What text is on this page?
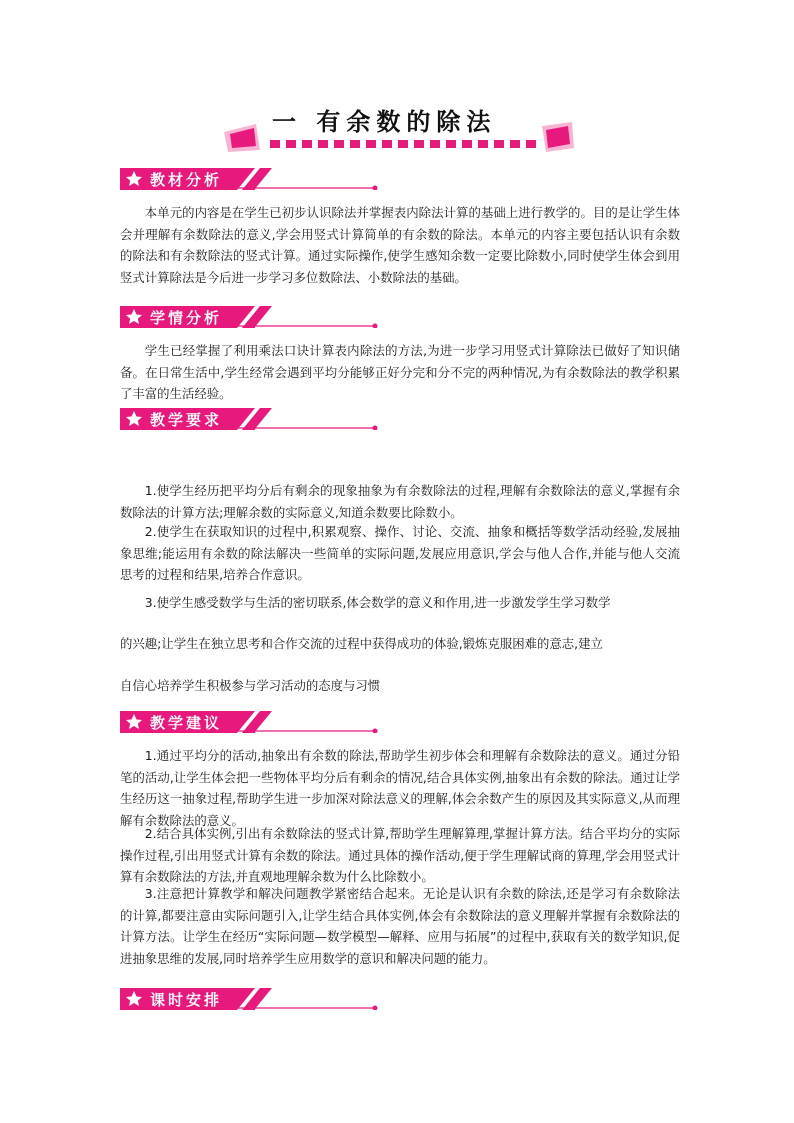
一 有余数的除法
教材分析

本单元的内容是在学生已初步认识除法并掌握表内除法计算的基础上进行教学的。目的是让学生体 会并理解有余数除法的意义,学会用竖式计算简单的有余数的除法。本单元的内容主要包括认识有余数的除法和有余数除法的竖式计算。通过实际操作,使学生感知余数一定要比除数小,同时使学生体会到用竖式计算除法是今后进一步学习多位数除法、小数除法的基础。

学情分析

学生已经掌握了利用乘法口诀计算表内除法的方法,为进一步学习用竖式计算除法已做好了知识储备。在日常生活中,学生经常会遇到平均分能够正好分完和分不完的两种情况,为有余数除法的教学积累了丰富的生活经验。

教学要求

1.使学生经历把平均分后有剩余的现象抽象为有余数除法的过程,理解有余数除法的意义,掌握有余数除法的计算方法;理解余数的实际意义,知道余数要比除数小。

2.使学生在获取知识的过程中,积累观察、操作、讨论、交流、抽象和概括等数学活动经验,发展抽象思维;能运用有余数的除法解决一些简单的实际问题,发展应用意识,学会与他人合作,并能与他人交流思考的过程和结果,培养合作意识。

3.使学生感受数学与生活的密切联系,体会数学的意义和作用,进一步激发学生学习数学

的兴趣;让学生在独立思考和合作交流的过程中获得成功的体验,锻炼克服困难的意志,建立

自信心培养学生积极参与学习活动的态度与习惯

教学建议

1.通过平均分的活动,抽象出有余数的除法,帮助学生初步体会和理解有余数除法的意义。通过分铅笔的活动,让学生体会把一些物体平均分后有剩余的情况,结合具体实例,抽象出有余数的除法。通过让学生经历这一抽象过程,帮助学生进一步加深对除法意义的理解,体会余数产生的原因及其实际意义,从而理解有余数除法的意义。

2.结合具体实例,引出有余数除法的竖式计算,帮助学生理解算理,掌握计算方法。结合平均分的实际操作过程,引出用竖式计算有余数的除法。通过具体的操作活动,便于学生理解试商的算理,学会用竖式计算有余数除法的方法,并直观地理解余数为什么比除数小。

3.注意把计算教学和解决问题教学紧密结合起来。无论是认识有余数的除法,还是学习有余数除法的计算,都要注意由实际问题引入,让学生结合具体实例,体会有余数除法的意义理解并掌握有余数除法的计算方法。让学生在经历“实际问题—数学模型—解释、应用与拓展”的过程中,获取有关的数学知识,促进抽象思维的发展,同时培养学生应用数学的意识和解决问题的能力。

课时安排
